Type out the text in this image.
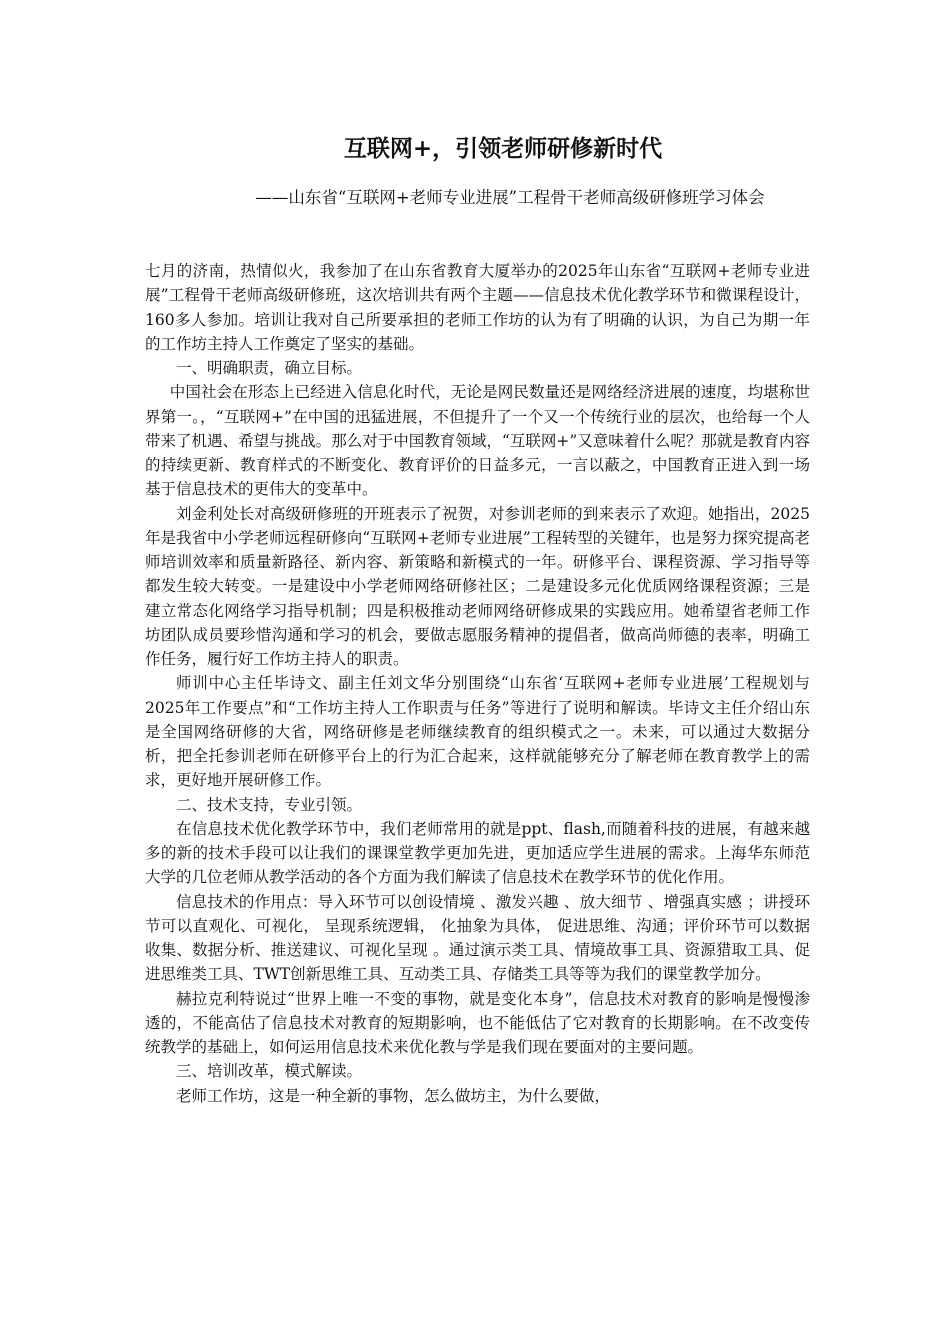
互联网+，引领老师研修新时代

——山东省“互联网+老师专业进展”工程骨干老师高级研修班学习体会

七月的济南，热情似火，我参加了在山东省教育大厦举办的2025年山东省“互联网+老师专业进展”工程骨干老师高级研修班，这次培训共有两个主题——信息技术优化教学环节和微课程设计，160多人参加。培训让我对自己所要承担的老师工作坊的认为有了明确的认识，为自己为期一年的工作坊主持人工作奠定了坚实的基础。

一、明确职责，确立目标。

中国社会在形态上已经进入信息化时代，无论是网民数量还是网络经济进展的速度，均堪称世界第一。，“互联网+”在中国的迅猛进展，不但提升了一个又一个传统行业的层次，也给每一个人带来了机遇、希望与挑战。那么对于中国教育领域，“互联网+”又意味着什么呢？那就是教育内容的持续更新、教育样式的不断变化、教育评价的日益多元，一言以蔽之，中国教育正进入到一场基于信息技术的更伟大的变革中。

刘金利处长对高级研修班的开班表示了祝贺，对参训老师的到来表示了欢迎。她指出，2025年是我省中小学老师远程研修向“互联网+老师专业进展”工程转型的关键年，也是努力探究提高老师培训效率和质量新路径、新内容、新策略和新模式的一年。研修平台、课程资源、学习指导等都发生较大转变。一是建设中小学老师网络研修社区；二是建设多元化优质网络课程资源；三是建立常态化网络学习指导机制；四是积极推动老师网络研修成果的实践应用。她希望省老师工作坊团队成员要珍惜沟通和学习的机会，要做志愿服务精神的提倡者，做高尚师德的表率，明确工作任务，履行好工作坊主持人的职责。

师训中心主任毕诗文、副主任刘文华分别围绕“山东省‘互联网+老师专业进展’工程规划与2025年工作要点”和“工作坊主持人工作职责与任务”等进行了说明和解读。毕诗文主任介绍山东是全国网络研修的大省，网络研修是老师继续教育的组织模式之一。未来，可以通过大数据分析，把全托参训老师在研修平台上的行为汇合起来，这样就能够充分了解老师在教育教学上的需求，更好地开展研修工作。

二、技术支持，专业引领。

在信息技术优化教学环节中，我们老师常用的就是ppt、flash,而随着科技的进展，有越来越多的新的技术手段可以让我们的课课堂教学更加先进，更加适应学生进展的需求。上海华东师范大学的几位老师从教学活动的各个方面为我们解读了信息技术在教学环节的优化作用。

信息技术的作用点：导入环节可以创设情境 、激发兴趣 、放大细节 、增强真实感 ；讲授环节可以直观化、可视化， 呈现系统逻辑， 化抽象为具体， 促进思维、沟通；评价环节可以数据收集、数据分析、推送建议、可视化呈现 。通过演示类工具、情境故事工具、资源猎取工具、促进思维类工具、TWT创新思维工具、互动类工具、存储类工具等等为我们的课堂教学加分。

赫拉克利特说过“世界上唯一不变的事物，就是变化本身”，信息技术对教育的影响是慢慢渗透的，不能高估了信息技术对教育的短期影响，也不能低估了它对教育的长期影响。在不改变传统教学的基础上，如何运用信息技术来优化教与学是我们现在要面对的主要问题。

三、培训改革，模式解读。

老师工作坊，这是一种全新的事物，怎么做坊主，为什么要做，
